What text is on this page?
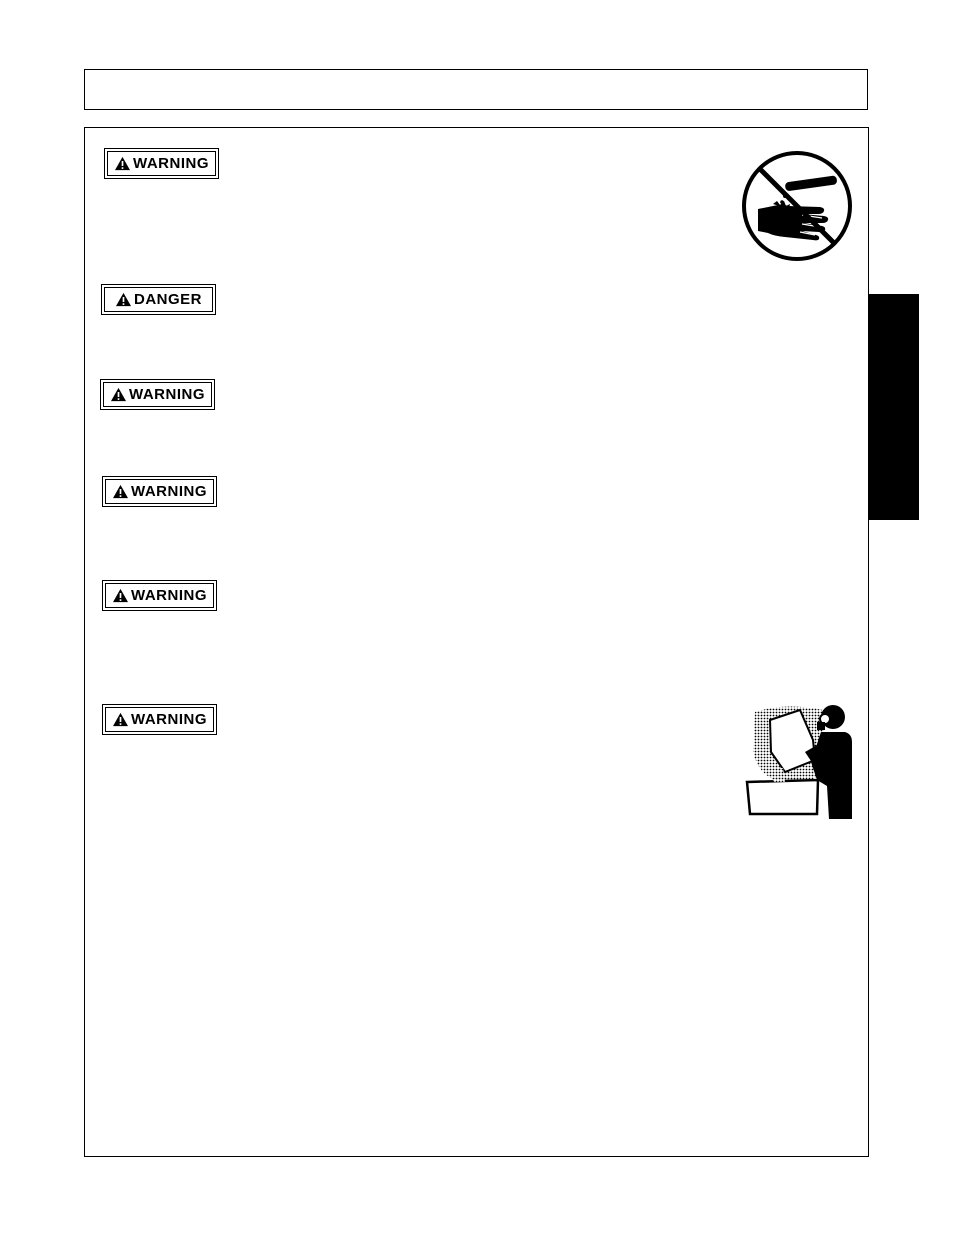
WARNING
DANGER
WARNING
WARNING
WARNING
WARNING
